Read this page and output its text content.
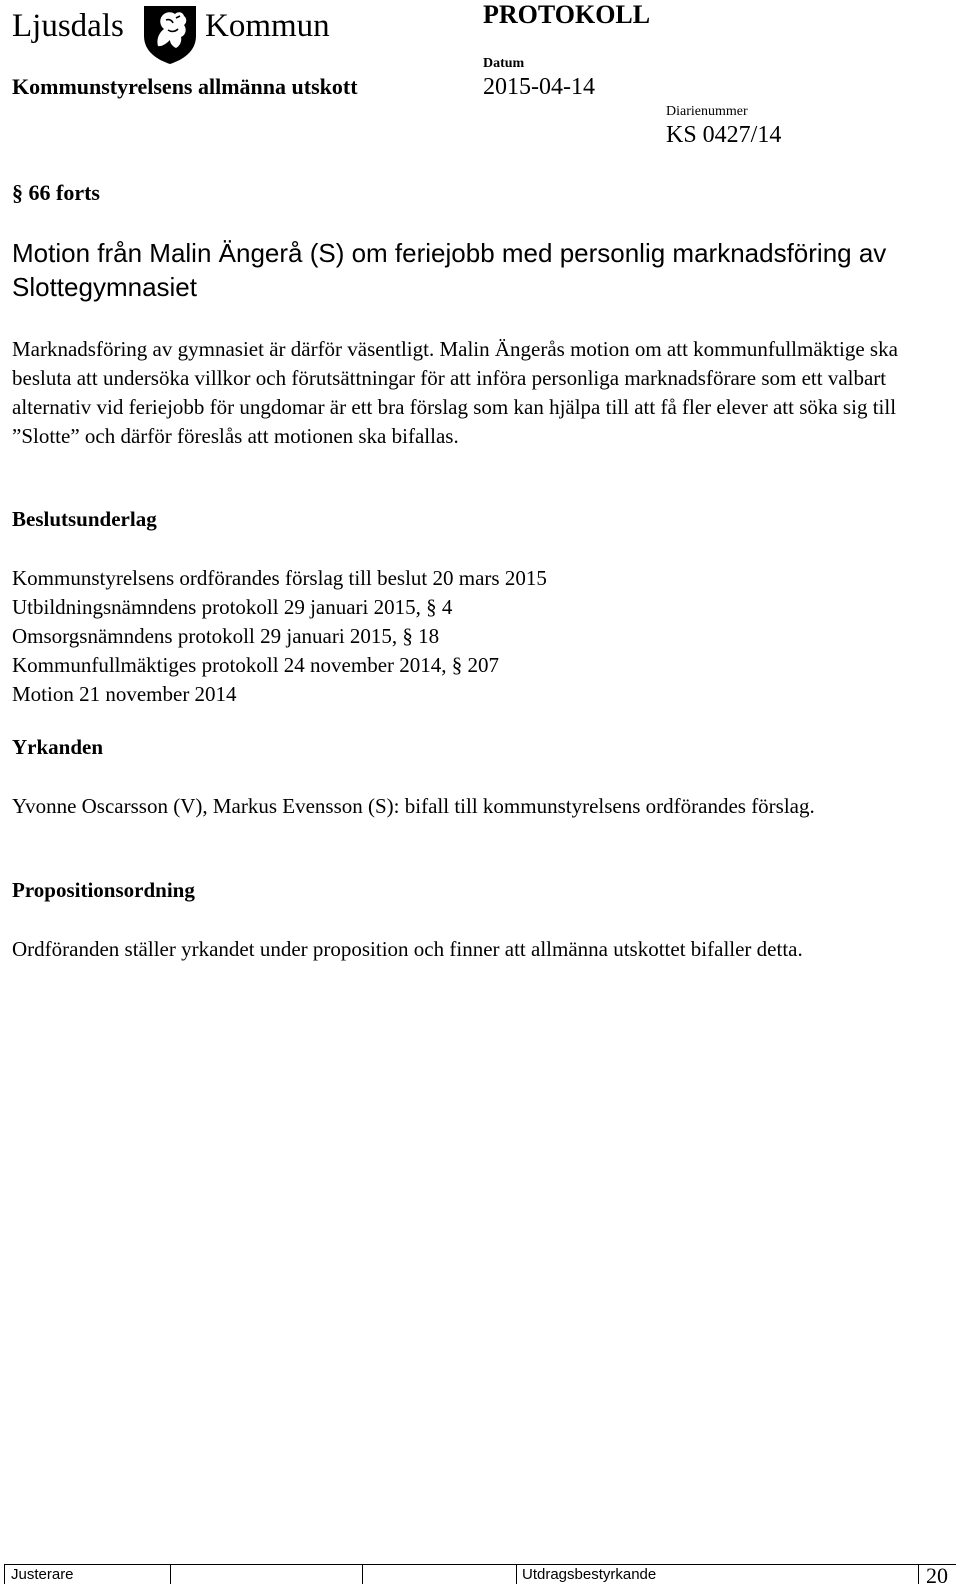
Ljusdals Kommun	PROTOKOLL
Kommunstyrelsens allmänna utskott
Datum
2015-04-14
Diarienummer
KS 0427/14
§ 66 forts
Motion från Malin Ängerå (S) om feriejobb med personlig marknadsföring av Slottegymnasiet
Marknadsföring av gymnasiet är därför väsentligt. Malin Ängerås motion om att kommunfullmäktige ska besluta att undersöka villkor och förutsättningar för att införa personliga marknadsförare som ett valbart alternativ vid feriejobb för ungdomar är ett bra förslag som kan hjälpa till att få fler elever att söka sig till ”Slotte” och därför föreslås att motionen ska bifallas.
Beslutsunderlag
Kommunstyrelsens ordförandes förslag till beslut 20 mars 2015
Utbildningsnämndens protokoll 29 januari 2015, § 4
Omsorgsnämndens protokoll 29 januari 2015, § 18
Kommunfullmäktiges protokoll 24 november 2014, § 207
Motion 21 november 2014
Yrkanden
Yvonne Oscarsson (V), Markus Evensson (S): bifall till kommunstyrelsens ordförandes förslag.
Propositionsordning
Ordföranden ställer yrkandet under proposition och finner att allmänna utskottet bifaller detta.
Justerare	Utdragsbestyrkande	20
